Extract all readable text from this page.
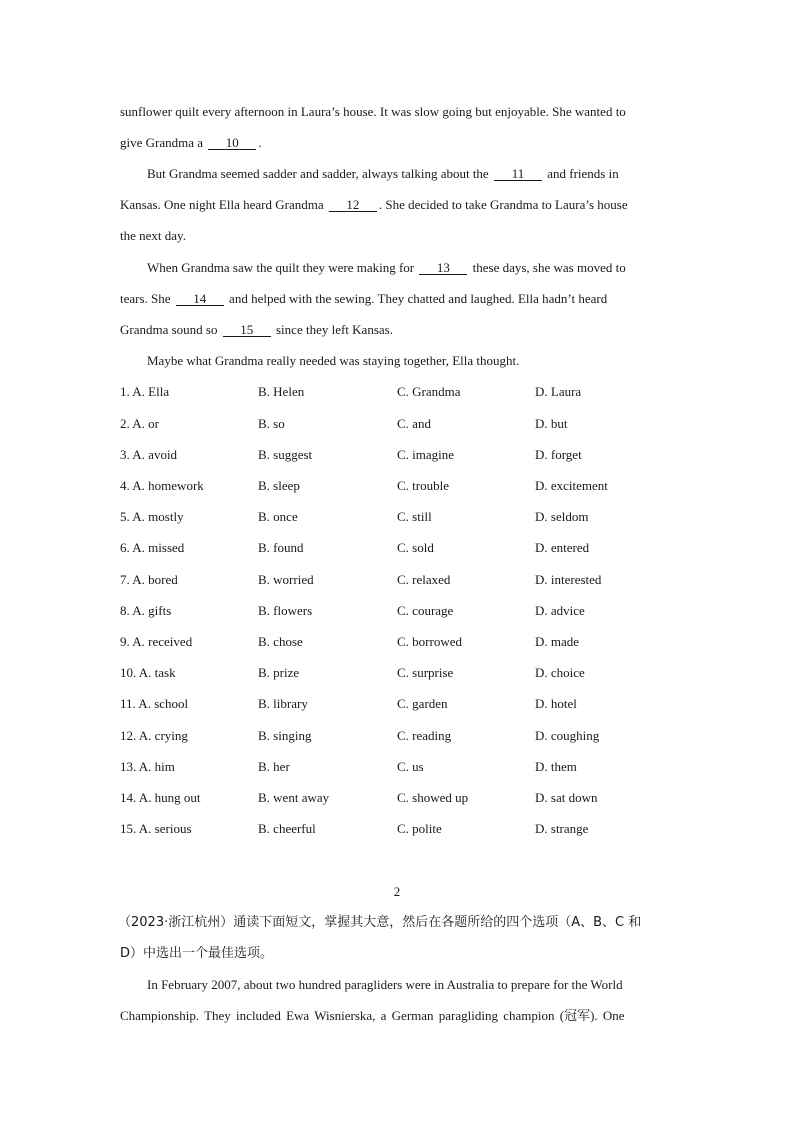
sunflower quilt every afternoon in Laura’s house. It was slow going but enjoyable. She wanted to
give Grandma a 10 .
But Grandma seemed sadder and sadder, always talking about the 11 and friends in
Kansas. One night Ella heard Grandma 12 . She decided to take Grandma to Laura’s house
the next day.
When Grandma saw the quilt they were making for 13 these days, she was moved to
tears. She 14 and helped with the sewing. They chatted and laughed. Ella hadn’t heard
Grandma sound so 15 since they left Kansas.
Maybe what Grandma really needed was staying together, Ella thought.
1. A. Ella	B. Helen	C. Grandma	D. Laura
2. A. or	B. so	C. and	D. but
3. A. avoid	B. suggest	C. imagine	D. forget
4. A. homework	B. sleep	C. trouble	D. excitement
5. A. mostly	B. once	C. still	D. seldom
6. A. missed	B. found	C. sold	D. entered
7. A. bored	B. worried	C. relaxed	D. interested
8. A. gifts	B. flowers	C. courage	D. advice
9. A. received	B. chose	C. borrowed	D. made
10. A. task	B. prize	C. surprise	D. choice
11. A. school	B. library	C. garden	D. hotel
12. A. crying	B. singing	C. reading	D. coughing
13. A. him	B. her	C. us	D. them
14. A. hung out	B. went away	C. showed up	D. sat down
15. A. serious	B. cheerful	C. polite	D. strange
2
（2023·浙江杭州）通读下面短文，掌握其大意，然后在各题所给的四个选项（A、B、C 和
D）中选出一个最佳选项。
In February 2007, about two hundred paragliders were in Australia to prepare for the World
Championship. They included Ewa Wisnierska, a German paragliding champion (冠军). One
